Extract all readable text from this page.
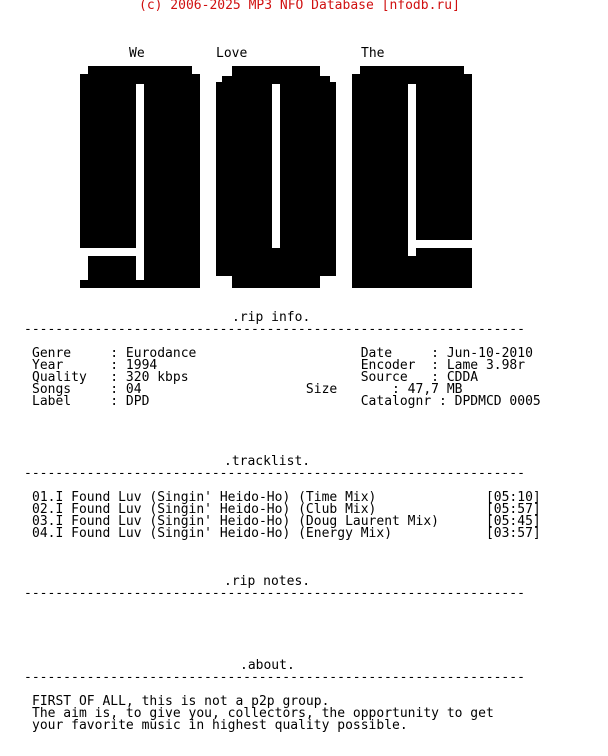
(c) 2006-2025 MP3 NFO Database [nfodb.ru]
We	Love	The
.rip info.
----------------------------------------------------------------
Genre     : Eurodance                     Date     : Jun-10-2010
Year      : 1994                          Encoder  : Lame 3.98r
Quality   : 320 kbps                      Source   : CDDA
Songs     : 04                     Size       : 47,7 MB
Label     : DPD                           Catalognr : DPDMCD 0005
.tracklist.
----------------------------------------------------------------
01.I Found Luv (Singin' Heido-Ho) (Time Mix)              [05:10]
02.I Found Luv (Singin' Heido-Ho) (Club Mix)              [05:57]
03.I Found Luv (Singin' Heido-Ho) (Doug Laurent Mix)      [05:45]
04.I Found Luv (Singin' Heido-Ho) (Energy Mix)            [03:57]
.rip notes.
----------------------------------------------------------------
.about.
----------------------------------------------------------------
FIRST OF ALL, this is not a p2p group.
The aim is, to give you, collectors, the opportunity to get
your favorite music in highest quality possible.
